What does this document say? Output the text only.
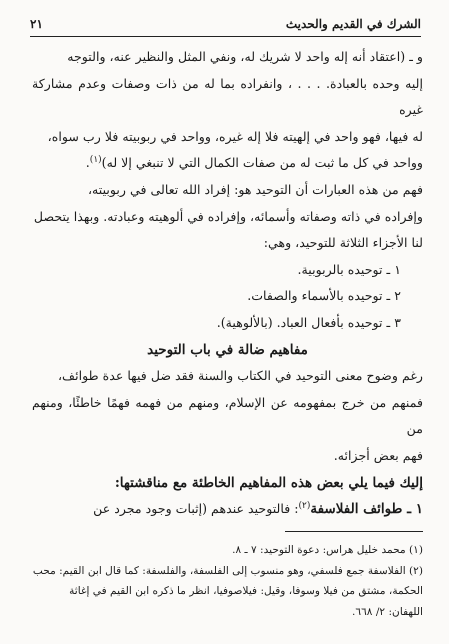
الشرك في القديم والحديث
٢١

و ـ (اعتقاد أنه إله واحد لا شريك له، ونفي المثل والنظير عنه، والتوجه

إليه وحده بالعبادة. . . . ، وانفراده بما له من ذات وصفات وعدم مشاركة غيره

له فيها، فهو واحد في إلهيته فلا إله غيره، وواحد في ربوبيته فلا رب سواه،

وواحد في كل ما ثبت له من صفات الكمال التي لا تنبغي إلا له)$^{(١)}$.

فهم من هذه العبارات أن التوحيد هو: إفراد الله تعالى في ربوبيته،

وإفراده في ذاته وصفاته وأسمائه، وإفراده في ألوهيته وعبادته. وبهذا يتحصل

لنا الأجزاء الثلاثة للتوحيد، وهي:

١ ـ توحيده بالربوبية.

٢ ـ توحيده بالأسماء والصفات.

٣ ـ توحيده بأفعال العباد. (بالألوهية).

مفاهيم ضالة في باب التوحيد

رغم وضوح معنى التوحيد في الكتاب والسنة فقد ضل فيها عدة طوائف،

فمنهم من خرج بمفهومه عن الإسلام، ومنهم من فهمه فهمًا خاطئًا، ومنهم من

فهم بعض أجزائه.

إليك فيما يلي بعض هذه المفاهيم الخاطئة مع مناقشتها:

١ ـ طوائف الفلاسفة$^{(٢)}$: فالتوحيد عندهم (إثبات وجود مجرد عن

(١) محمد خليل هراس: دعوة التوحيد: ٧ ـ ٨.

(٢) الفلاسفة جمع فلسفي، وهو منسوب إلى الفلسفة، والفلسفة: كما قال ابن القيم: محب

الحكمة، مشتق من فيلا وسوفا، وقيل: فيلاصوفيا، انظر ما ذكره ابن القيم في إغاثة

اللهفان: ٢/ ٦٦٨.
